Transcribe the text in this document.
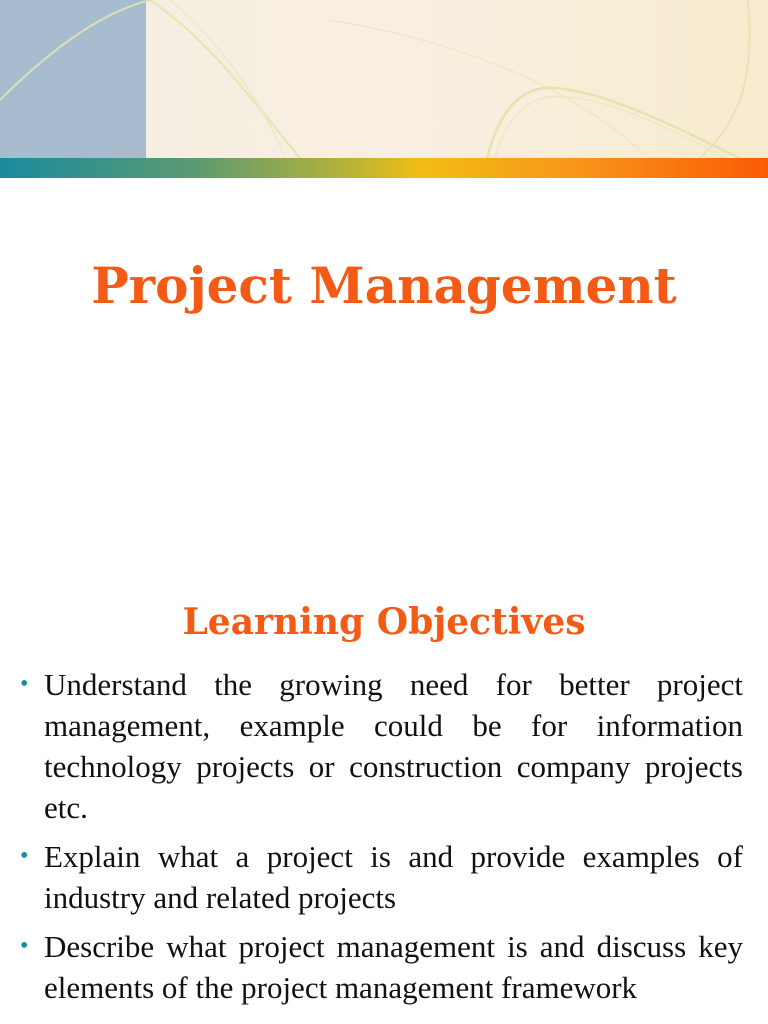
Project Management
Learning Objectives
• Understand the growing need for better project management, example could be for information technology projects or construction company projects etc.
• Explain what a project is and provide examples of industry and related projects
• Describe what project management is and discuss key elements of the project management framework
